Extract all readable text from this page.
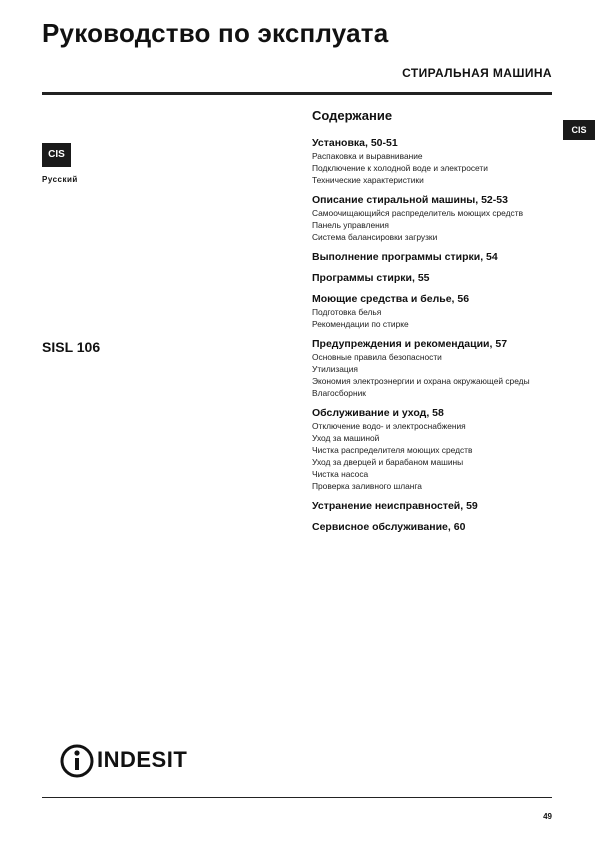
Руководство по эксплуата
СТИРАЛЬНАЯ МАШИНА
CIS
CIS
Русский
SISL 106
Содержание
Установка, 50-51
Распаковка и выравнивание
Подключение к холодной воде и электросети
Технические характеристики
Описание стиральной машины, 52-53
Самоочищающийся распределитель моющих средств
Панель управления
Система балансировки загрузки
Выполнение программы стирки, 54
Программы стирки, 55
Моющие средства и белье, 56
Подготовка белья
Рекомендации по стирке
Предупреждения и рекомендации, 57
Основные правила безопасности
Утилизация
Экономия электроэнергии и охрана окружающей среды
Влагосборник
Обслуживание и уход, 58
Отключение водо- и электроснабжения
Уход за машиной
Чистка распределителя моющих средств
Уход за дверцей и барабаном машины
Чистка насоса
Проверка заливного шланга
Устранение неисправностей, 59
Сервисное обслуживание, 60
INDESIT
49
